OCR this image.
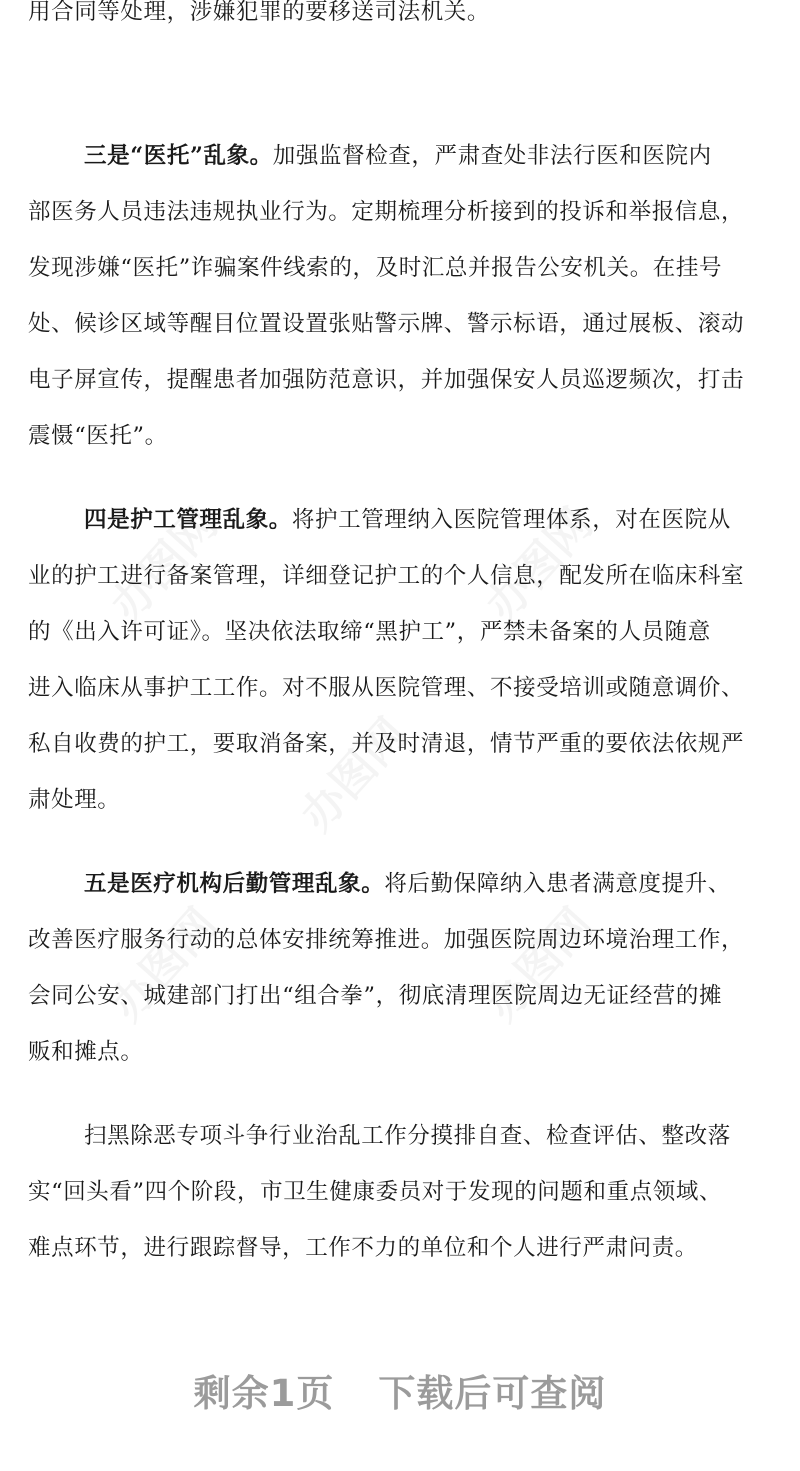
用合同等处理，涉嫌犯罪的要移送司法机关。
三是“医托”乱象。加强监督检查，严肃查处非法行医和医院内
部医务人员违法违规执业行为。定期梳理分析接到的投诉和举报信息，
发现涉嫌“医托”诈骗案件线索的，及时汇总并报告公安机关。在挂号
处、候诊区域等醒目位置设置张贴警示牌、警示标语，通过展板、滚动
电子屏宣传，提醒患者加强防范意识，并加强保安人员巡逻频次，打击
震慑“医托”。
四是护工管理乱象。将护工管理纳入医院管理体系，对在医院从
业的护工进行备案管理，详细登记护工的个人信息，配发所在临床科室
的《出入许可证》。坚决依法取缔“黑护工”，严禁未备案的人员随意
进入临床从事护工工作。对不服从医院管理、不接受培训或随意调价、
私自收费的护工，要取消备案，并及时清退，情节严重的要依法依规严
肃处理。
五是医疗机构后勤管理乱象。将后勤保障纳入患者满意度提升、
改善医疗服务行动的总体安排统筹推进。加强医院周边环境治理工作，
会同公安、城建部门打出“组合拳”，彻底清理医院周边无证经营的摊
贩和摊点。
扫黑除恶专项斗争行业治乱工作分摸排自查、检查评估、整改落
实“回头看”四个阶段，市卫生健康委员对于发现的问题和重点领域、
难点环节，进行跟踪督导，工作不力的单位和个人进行严肃问责。
剩余1页 下载后可查阅
